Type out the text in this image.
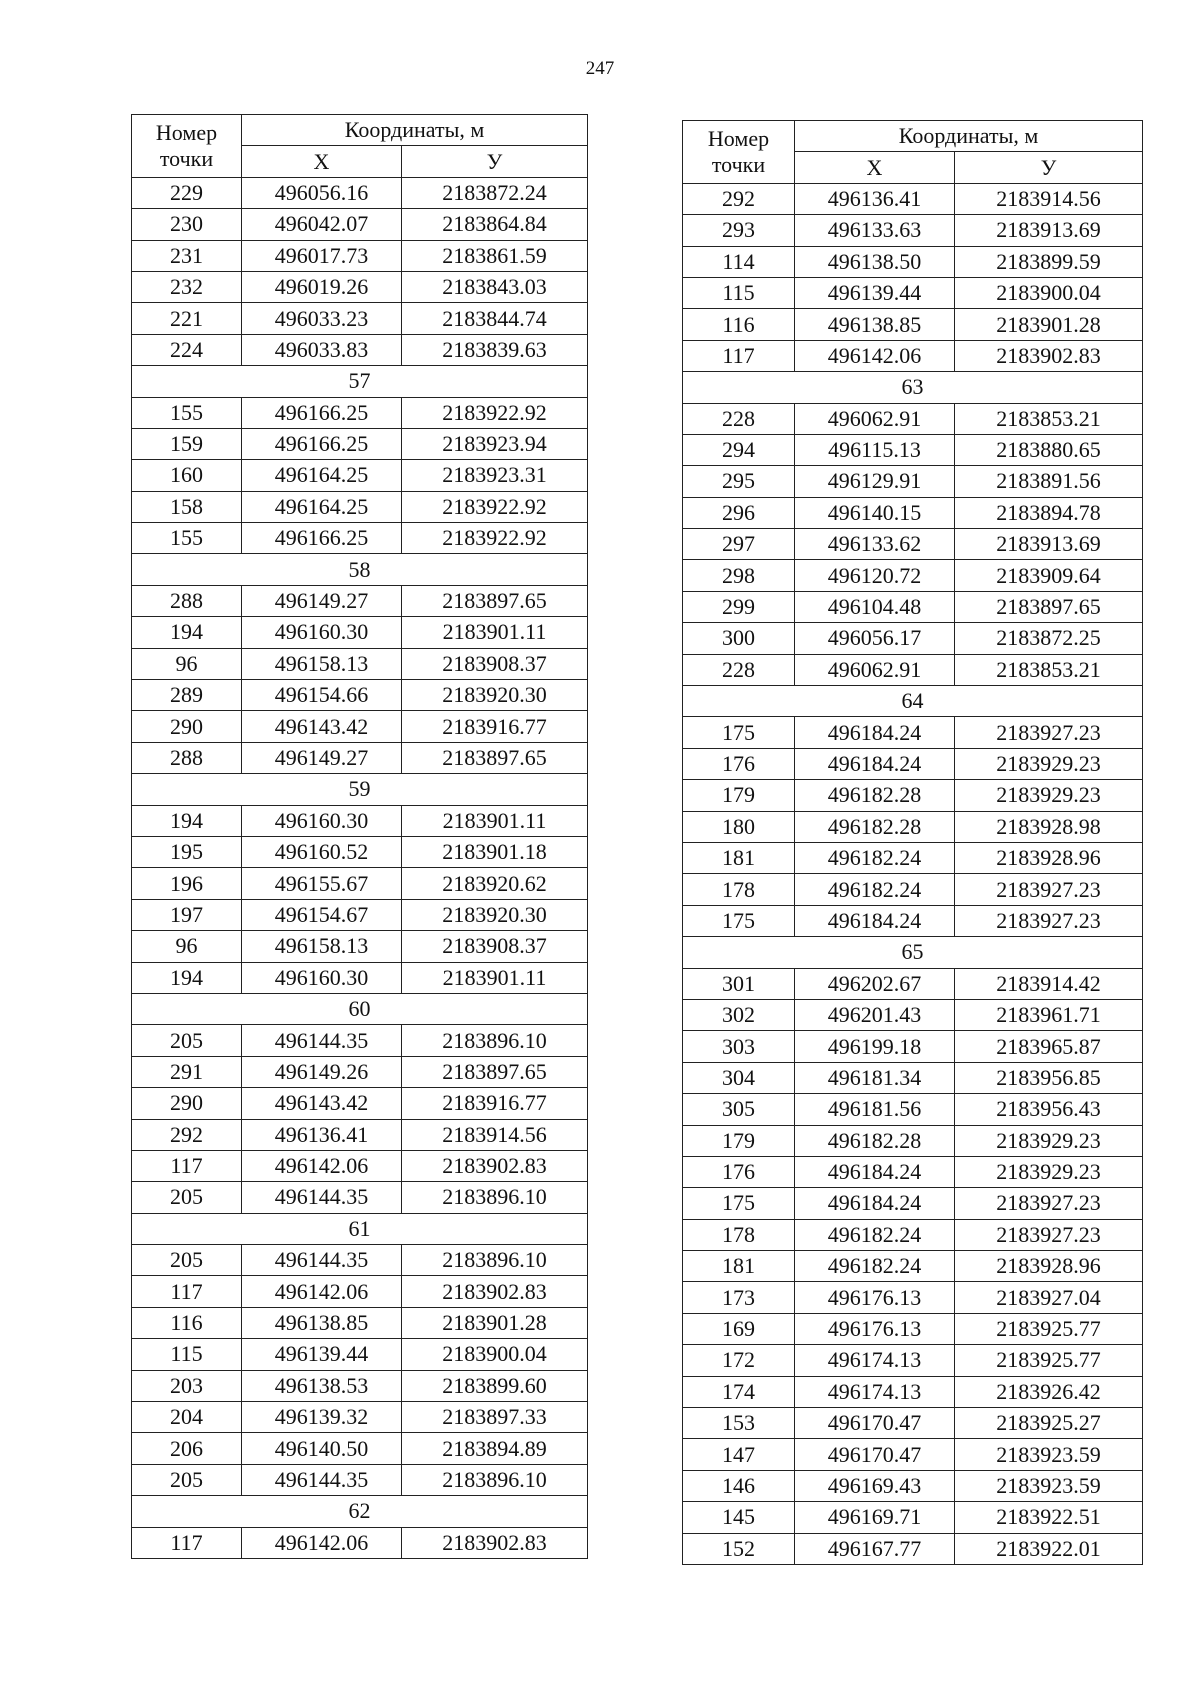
247
Номер
точки	Координаты, м	
	X	У
229	496056.16	2183872.24
230	496042.07	2183864.84
231	496017.73	2183861.59
232	496019.26	2183843.03
221	496033.23	2183844.74
224	496033.83	2183839.63
57		
155	496166.25	2183922.92
159	496166.25	2183923.94
160	496164.25	2183923.31
158	496164.25	2183922.92
155	496166.25	2183922.92
58		
288	496149.27	2183897.65
194	496160.30	2183901.11
96	496158.13	2183908.37
289	496154.66	2183920.30
290	496143.42	2183916.77
288	496149.27	2183897.65
59		
194	496160.30	2183901.11
195	496160.52	2183901.18
196	496155.67	2183920.62
197	496154.67	2183920.30
96	496158.13	2183908.37
194	496160.30	2183901.11
60		
205	496144.35	2183896.10
291	496149.26	2183897.65
290	496143.42	2183916.77
292	496136.41	2183914.56
117	496142.06	2183902.83
205	496144.35	2183896.10
61		
205	496144.35	2183896.10
117	496142.06	2183902.83
116	496138.85	2183901.28
115	496139.44	2183900.04
203	496138.53	2183899.60
204	496139.32	2183897.33
206	496140.50	2183894.89
205	496144.35	2183896.10
62		
117	496142.06	2183902.83
Номер
точки	Координаты, м	
	X	У
292	496136.41	2183914.56
293	496133.63	2183913.69
114	496138.50	2183899.59
115	496139.44	2183900.04
116	496138.85	2183901.28
117	496142.06	2183902.83
63		
228	496062.91	2183853.21
294	496115.13	2183880.65
295	496129.91	2183891.56
296	496140.15	2183894.78
297	496133.62	2183913.69
298	496120.72	2183909.64
299	496104.48	2183897.65
300	496056.17	2183872.25
228	496062.91	2183853.21
64		
175	496184.24	2183927.23
176	496184.24	2183929.23
179	496182.28	2183929.23
180	496182.28	2183928.98
181	496182.24	2183928.96
178	496182.24	2183927.23
175	496184.24	2183927.23
65		
301	496202.67	2183914.42
302	496201.43	2183961.71
303	496199.18	2183965.87
304	496181.34	2183956.85
305	496181.56	2183956.43
179	496182.28	2183929.23
176	496184.24	2183929.23
175	496184.24	2183927.23
178	496182.24	2183927.23
181	496182.24	2183928.96
173	496176.13	2183927.04
169	496176.13	2183925.77
172	496174.13	2183925.77
174	496174.13	2183926.42
153	496170.47	2183925.27
147	496170.47	2183923.59
146	496169.43	2183923.59
145	496169.71	2183922.51
152	496167.77	2183922.01
